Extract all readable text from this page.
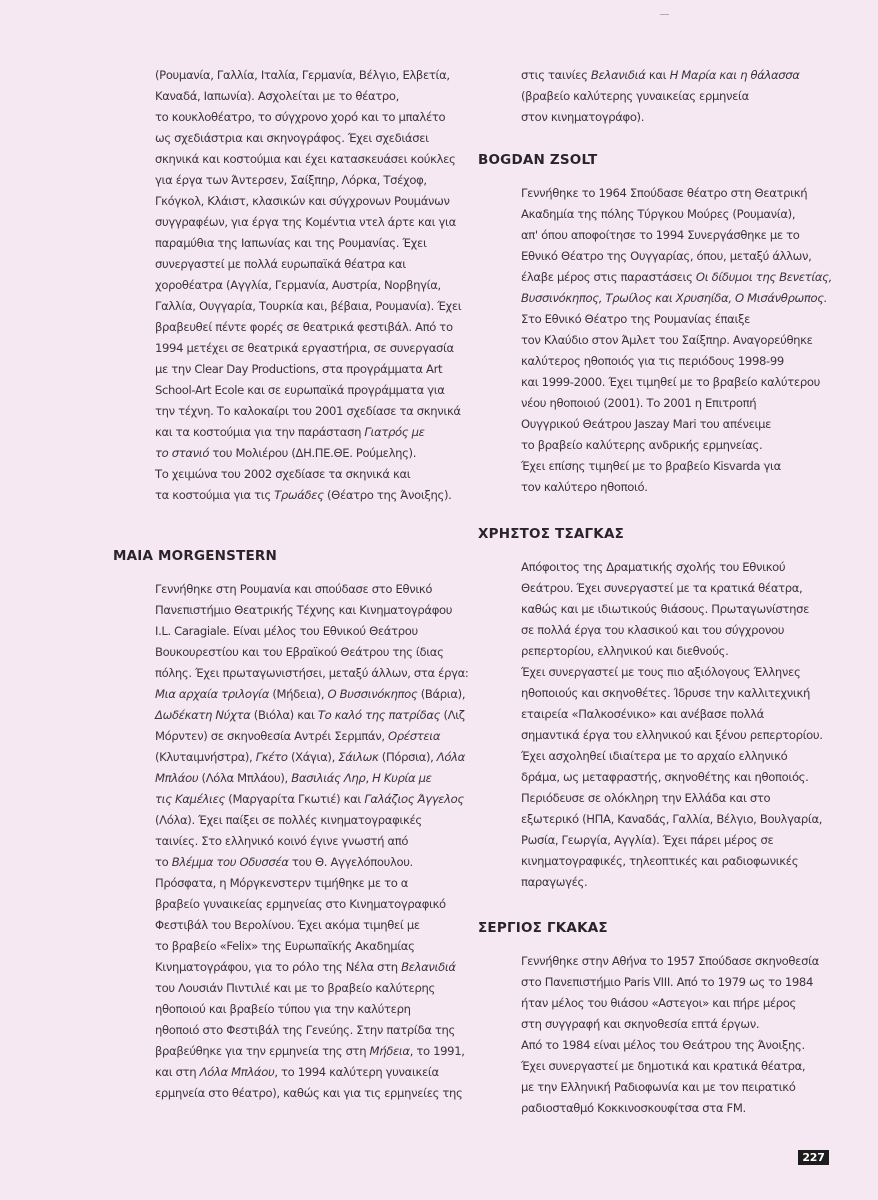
(Ρουμανία, Γαλλία, Ιταλία, Γερμανία, Βέλγιο, Ελβετία,
Καναδά, Ιαπωνία). Ασχολείται με το θέατρο,
το κουκλοθέατρο, το σύγχρονο χορό και το μπαλέτο
ως σχεδιάστρια και σκηνογράφος. Έχει σχεδιάσει
σκηνικά και κοστούμια και έχει κατασκευάσει κούκλες
για έργα των Άντερσεν, Σαίξπηρ, Λόρκα, Τσέχοφ,
Γκόγκολ, Κλάιστ, κλασικών και σύγχρονων Ρουμάνων
συγγραφέων, για έργα της Κομέντια ντελ άρτε και για
παραμύθια της Ιαπωνίας και της Ρουμανίας. Έχει
συνεργαστεί με πολλά ευρωπαϊκά θέατρα και
χοροθέατρα (Αγγλία, Γερμανία, Αυστρία, Νορβηγία,
Γαλλία, Ουγγαρία, Τουρκία και, βέβαια, Ρουμανία). Έχει
βραβευθεί πέντε φορές σε θεατρικά φεστιβάλ. Από το
1994 μετέχει σε θεατρικά εργαστήρια, σε συνεργασία
με την Clear Day Productions, στα προγράμματα Art
School-Art Ecole και σε ευρωπαϊκά προγράμματα για
την τέχνη. Το καλοκαίρι του 2001 σχεδίασε τα σκηνικά
και τα κοστούμια για την παράσταση Γιατρός με
το στανιό του Μολιέρου (ΔΗ.ΠΕ.ΘΕ. Ρούμελης).
Το χειμώνα του 2002 σχεδίασε τα σκηνικά και
τα κοστούμια για τις Τρωάδες (Θέατρο της Άνοιξης).
MAIA MORGENSTERN
Γεννήθηκε στη Ρουμανία και σπούδασε στο Εθνικό
Πανεπιστήμιο Θεατρικής Τέχνης και Κινηματογράφου
I.L. Caragiale. Είναι μέλος του Εθνικού Θεάτρου
Βουκουρεστίου και του Εβραϊκού Θεάτρου της ίδιας
πόλης. Έχει πρωταγωνιστήσει, μεταξύ άλλων, στα έργα:
Μια αρχαία τριλογία (Μήδεια), Ο Βυσσινόκηπος (Βάρια),
Δωδέκατη Νύχτα (Βιόλα) και Το καλό της πατρίδας (Λιζ
Μόρντεν) σε σκηνοθεσία Αντρέι Σερμπάν, Ορέστεια
(Κλυταιμνήστρα), Γκέτο (Χάγια), Σάιλωκ (Πόρσια), Λόλα
Μπλάου (Λόλα Μπλάου), Βασιλιάς Ληρ, Η Κυρία με
τις Καμέλιες (Μαργαρίτα Γκωτιέ) και Γαλάζιος Άγγελος
(Λόλα). Έχει παίξει σε πολλές κινηματογραφικές
ταινίες. Στο ελληνικό κοινό έγινε γνωστή από
το Βλέμμα του Οδυσσέα του Θ. Αγγελόπουλου.
Πρόσφατα, η Μόργκενστερν τιμήθηκε με το α
βραβείο γυναικείας ερμηνείας στο Κινηματογραφικό
Φεστιβάλ του Βερολίνου. Έχει ακόμα τιμηθεί με
το βραβείο «Felix» της Ευρωπαϊκής Ακαδημίας
Κινηματογράφου, για το ρόλο της Νέλα στη Βελανιδιά
του Λουσιάν Πιντιλιέ και με το βραβείο καλύτερης
ηθοποιού και βραβείο τύπου για την καλύτερη
ηθοποιό στο Φεστιβάλ της Γενεύης. Στην πατρίδα της
βραβεύθηκε για την ερμηνεία της στη Μήδεια, το 1991,
και στη Λόλα Μπλάου, το 1994 καλύτερη γυναικεία
ερμηνεία στο θέατρο), καθώς και για τις ερμηνείες της
στις ταινίες Βελανιδιά και Η Μαρία και η θάλασσα
(βραβείο καλύτερης γυναικείας ερμηνεία
στον κινηματογράφο).
BOGDAN ZSOLT
Γεννήθηκε το 1964 Σπούδασε θέατρο στη Θεατρική
Ακαδημία της πόλης Τύργκου Μούρες (Ρουμανία),
απ' όπου αποφοίτησε το 1994 Συνεργάσθηκε με το
Εθνικό Θέατρο της Ουγγαρίας, όπου, μεταξύ άλλων,
έλαβε μέρος στις παραστάσεις Οι δίδυμοι της Βενετίας,
Βυσσινόκηπος, Τρωίλος και Χρυσηίδα, Ο Μισάνθρωπος.
Στο Εθνικό Θέατρο της Ρουμανίας έπαιξε
τον Κλαύδιο στον Άμλετ του Σαίξπηρ. Αναγορεύθηκε
καλύτερος ηθοποιός για τις περιόδους 1998-99
και 1999-2000. Έχει τιμηθεί με το βραβείο καλύτερου
νέου ηθοποιού (2001). Το 2001 η Επιτροπή
Ουγγρικού Θεάτρου Jaszay Mari του απένειμε
το βραβείο καλύτερης ανδρικής ερμηνείας.
Έχει επίσης τιμηθεί με το βραβείο Kisvarda για
τον καλύτερο ηθοποιό.
ΧΡΗΣΤΟΣ ΤΣΑΓΚΑΣ
Απόφοιτος της Δραματικής σχολής του Εθνικού
Θεάτρου. Έχει συνεργαστεί με τα κρατικά θέατρα,
καθώς και με ιδιωτικούς θιάσους. Πρωταγωνίστησε
σε πολλά έργα του κλασικού και του σύγχρονου
ρεπερτορίου, ελληνικού και διεθνούς.
Έχει συνεργαστεί με τους πιο αξιόλογους Έλληνες
ηθοποιούς και σκηνοθέτες. Ίδρυσε την καλλιτεχνική
εταιρεία «Παλκοσένικο» και ανέβασε πολλά
σημαντικά έργα του ελληνικού και ξένου ρεπερτορίου.
Έχει ασχοληθεί ιδιαίτερα με το αρχαίο ελληνικό
δράμα, ως μεταφραστής, σκηνοθέτης και ηθοποιός.
Περιόδευσε σε ολόκληρη την Ελλάδα και στο
εξωτερικό (ΗΠΑ, Καναδάς, Γαλλία, Βέλγιο, Βουλγαρία,
Ρωσία, Γεωργία, Αγγλία). Έχει πάρει μέρος σε
κινηματογραφικές, τηλεοπτικές και ραδιοφωνικές
παραγωγές.
ΣΕΡΓΙΟΣ ΓΚΑΚΑΣ
Γεννήθηκε στην Αθήνα το 1957 Σπούδασε σκηνοθεσία
στο Πανεπιστήμιο Paris VIII. Από το 1979 ως το 1984
ήταν μέλος του θιάσου «Αστεγοι» και πήρε μέρος
στη συγγραφή και σκηνοθεσία επτά έργων.
Από το 1984 είναι μέλος του Θεάτρου της Άνοιξης.
Έχει συνεργαστεί με δημοτικά και κρατικά θέατρα,
με την Ελληνική Ραδιοφωνία και με τον πειρατικό
ραδιοσταθμό Κοκκινοσκουφίτσα στα FM.
227
